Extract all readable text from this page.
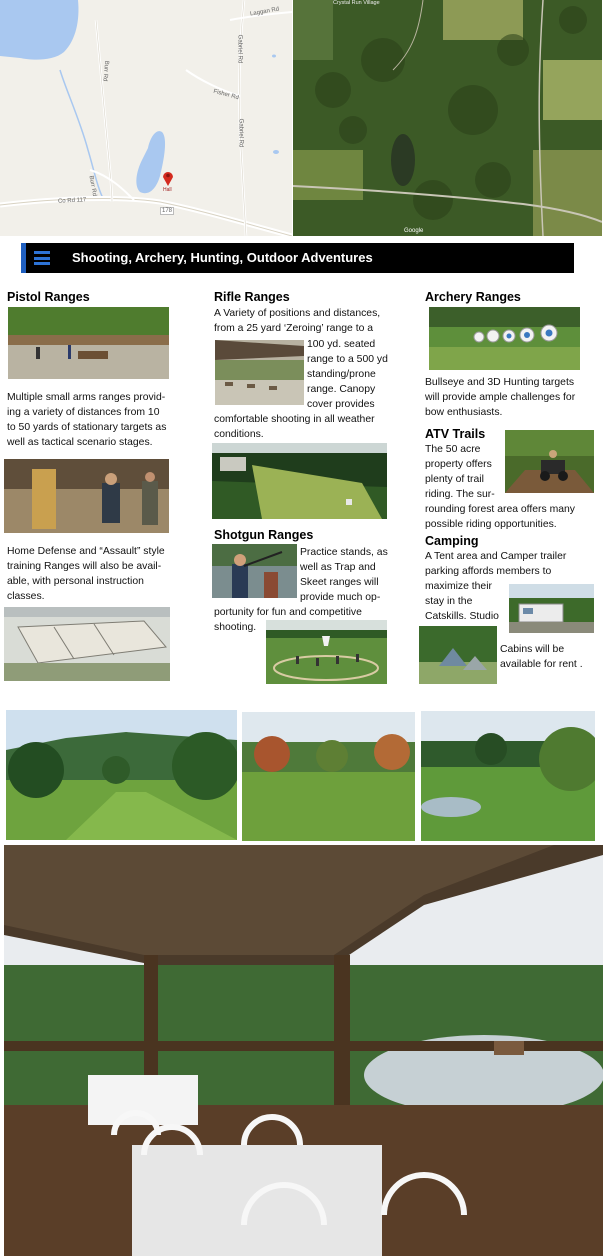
Laggan Rd
Gabriel Rd
Fisher Rd
Burr Rd
Gabriel Rd
Co Rd 117
Burr Rd
178
Hall
Crystal Run Village
Google
Shooting, Archery, Hunting, Outdoor Adventures
Pistol Ranges
Multiple small arms ranges provid-
ing a variety of distances from 10
to 50 yards of stationary targets as
well as tactical scenario stages.
Home Defense and “Assault” style
training Ranges will also be avail-
able, with personal instruction
classes.
Rifle Ranges
A Variety of positions and distances,
from a 25 yard ‘Zeroing’ range to a
100 yd. seated
range to a 500 yd
standing/prone
range. Canopy
cover provides
comfortable shooting in all weather
conditions.
Shotgun Ranges
Practice stands, as
well as Trap and
Skeet ranges will
provide much op-
portunity for fun and competitive
shooting.
Archery Ranges
Bullseye and 3D Hunting targets
will provide ample challenges for
bow enthusiasts.
ATV Trails
The 50 acre
property offers
plenty of trail
riding. The sur-
rounding forest area offers many
possible riding opportunities.
Camping
A Tent area and Camper trailer
parking affords members to
maximize their
stay in the
Catskills. Studio
Cabins will be
available for rent .
